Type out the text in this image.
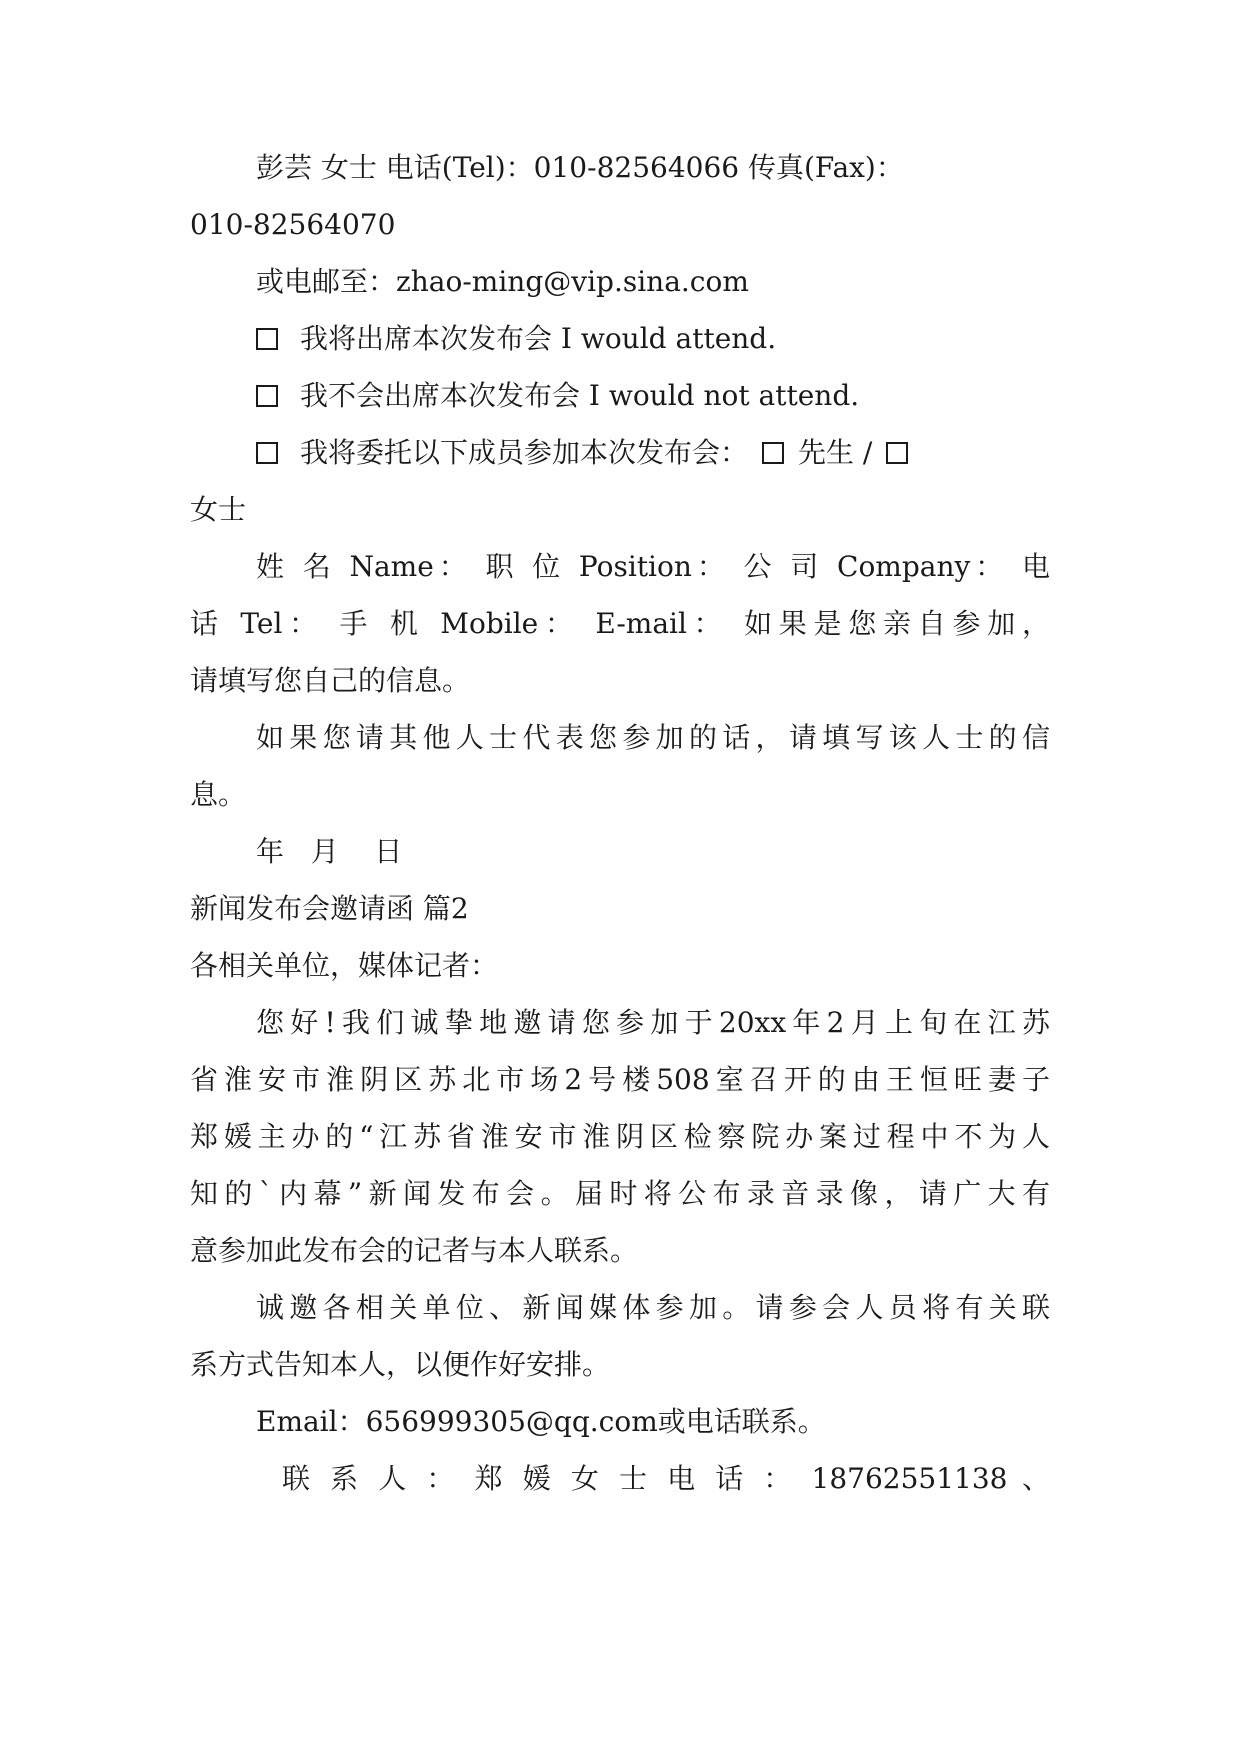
彭芸 女士 电话(Tel)：010-82564066 传真(Fax)：
010-82564070
或电邮至：zhao-ming@vip.sina.com
我将出席本次发布会 I would attend.
我不会出席本次发布会 I would not attend.
我将委托以下成员参加本次发布会： 先生 /
女士
姓 名 Name： 职 位 Position： 公 司 Company： 电
话 Tel： 手 机 Mobile： E-mail： 如果是您亲自参加，
请填写您自己的信息。
如果您请其他人士代表您参加的话，请填写该人士的信
息。
年   月    日
新闻发布会邀请函 篇2
各相关单位，媒体记者：
您好!我们诚挚地邀请您参加于20xx年2月上旬在江苏
省淮安市淮阴区苏北市场2号楼508室召开的由王恒旺妻子
郑媛主办的“江苏省淮安市淮阴区检察院办案过程中不为人
知的`内幕”新闻发布会。届时将公布录音录像，请广大有
意参加此发布会的记者与本人联系。
诚邀各相关单位、新闻媒体参加。请参会人员将有关联
系方式告知本人，以便作好安排。
Email：656999305@qq.com或电话联系。
联 系 人 ： 郑 媛 女 士 电 话 ： 18762551138 、
